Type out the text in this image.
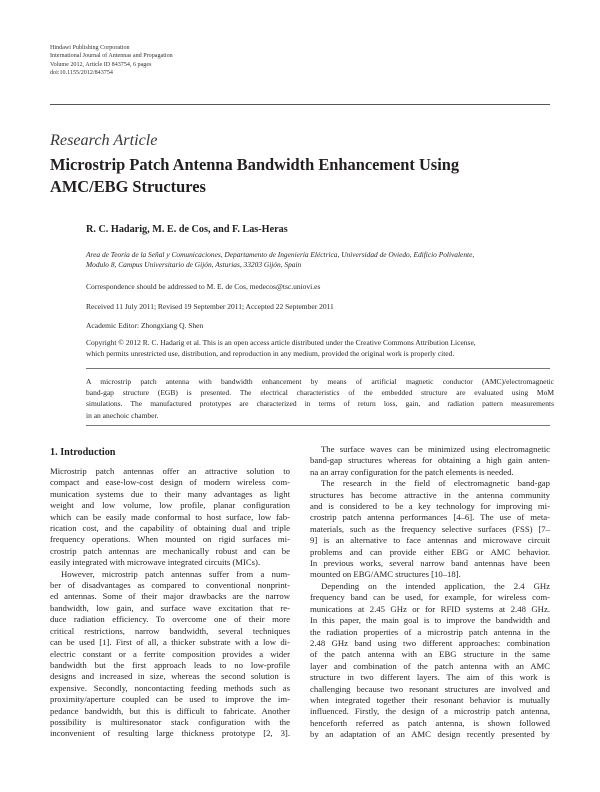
Hindawi Publishing Corporation
International Journal of Antennas and Propagation
Volume 2012, Article ID 843754, 6 pages
doi:10.1155/2012/843754
Research Article
Microstrip Patch Antenna Bandwidth Enhancement Using
AMC/EBG Structures
R. C. Hadarig, M. E. de Cos, and F. Las-Heras
Area de Teoría de la Señal y Comunicaciones, Departamento de Ingeniería Eléctrica, Universidad de Oviedo, Edificio Polivalente,
Modulo 8, Campus Universitario de Gijón, Asturias, 33203 Gijón, Spain
Correspondence should be addressed to M. E. de Cos, medecos@tsc.uniovi.es
Received 11 July 2011; Revised 19 September 2011; Accepted 22 September 2011
Academic Editor: Zhongxiang Q. Shen
Copyright © 2012 R. C. Hadarig et al. This is an open access article distributed under the Creative Commons Attribution License,
which permits unrestricted use, distribution, and reproduction in any medium, provided the original work is properly cited.
A microstrip patch antenna with bandwidth enhancement by means of artificial magnetic conductor (AMC)/electromagnetic
band-gap structure (EGB) is presented. The electrical characteristics of the embedded structure are evaluated using MoM
simulations. The manufactured prototypes are characterized in terms of return loss, gain, and radiation pattern measurements
in an anechoic chamber.
1. Introduction
Microstrip patch antennas offer an attractive solution to
compact and ease-low-cost design of modern wireless com-
munication systems due to their many advantages as light
weight and low volume, low profile, planar configuration
which can be easily made conformal to host surface, low fab-
rication cost, and the capability of obtaining dual and triple
frequency operations. When mounted on rigid surfaces mi-
crostrip patch antennas are mechanically robust and can be
easily integrated with microwave integrated circuits (MICs).
However, microstrip patch antennas suffer from a num-
ber of disadvantages as compared to conventional nonprint-
ed antennas. Some of their major drawbacks are the narrow
bandwidth, low gain, and surface wave excitation that re-
duce radiation efficiency. To overcome one of their more
critical restrictions, narrow bandwidth, several techniques
can be used [1]. First of all, a thicker substrate with a low di-
electric constant or a ferrite composition provides a wider
bandwidth but the first approach leads to no low-profile
designs and increased in size, whereas the second solution is
expensive. Secondly, noncontacting feeding methods such as
proximity/aperture coupled can be used to improve the im-
pedance bandwidth, but this is difficult to fabricate. Another
possibility is multiresonator stack configuration with the
inconvenient of resulting large thickness prototype [2, 3].
The surface waves can be minimized using electromagnetic
band-gap structures whereas for obtaining a high gain anten-
na an array configuration for the patch elements is needed.
The research in the field of electromagnetic band-gap
structures has become attractive in the antenna community
and is considered to be a key technology for improving mi-
crostrip patch antenna performances [4–6]. The use of meta-
materials, such as the frequency selective surfaces (FSS) [7–
9] is an alternative to face antennas and microwave circuit
problems and can provide either EBG or AMC behavior.
In previous works, several narrow band antennas have been
mounted on EBG/AMC structures [10–18].
Depending on the intended application, the 2.4 GHz
frequency band can be used, for example, for wireless com-
munications at 2.45 GHz or for RFID systems at 2.48 GHz.
In this paper, the main goal is to improve the bandwidth and
the radiation properties of a microstrip patch antenna in the
2.48 GHz band using two different approaches: combination
of the patch antenna with an EBG structure in the same
layer and combination of the patch antenna with an AMC
structure in two different layers. The aim of this work is
challenging because two resonant structures are involved and
when integrated together their resonant behavior is mutually
influenced. Firstly, the design of a microstrip patch antenna,
henceforth referred as patch antenna, is shown followed
by an adaptation of an AMC design recently presented by
